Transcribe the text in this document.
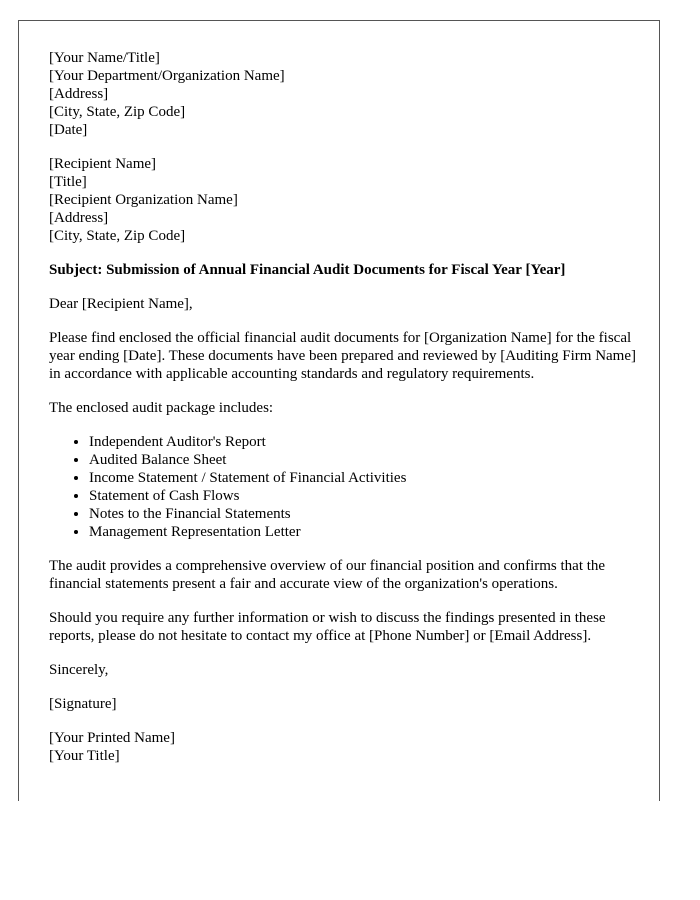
[Your Name/Title]
[Your Department/Organization Name]
[Address]
[City, State, Zip Code]
[Date]
[Recipient Name]
[Title]
[Recipient Organization Name]
[Address]
[City, State, Zip Code]
Subject: Submission of Annual Financial Audit Documents for Fiscal Year [Year]

Dear [Recipient Name],

Please find enclosed the official financial audit documents for [Organization Name] for the fiscal year ending [Date]. These documents have been prepared and reviewed by [Auditing Firm Name] in accordance with applicable accounting standards and regulatory requirements.

The enclosed audit package includes:

• Independent Auditor's Report
• Audited Balance Sheet
• Income Statement / Statement of Financial Activities
• Statement of Cash Flows
• Notes to the Financial Statements
• Management Representation Letter

The audit provides a comprehensive overview of our financial position and confirms that the financial statements present a fair and accurate view of the organization's operations.

Should you require any further information or wish to discuss the findings presented in these reports, please do not hesitate to contact my office at [Phone Number] or [Email Address].

Sincerely,

[Signature]

[Your Printed Name]
[Your Title]
